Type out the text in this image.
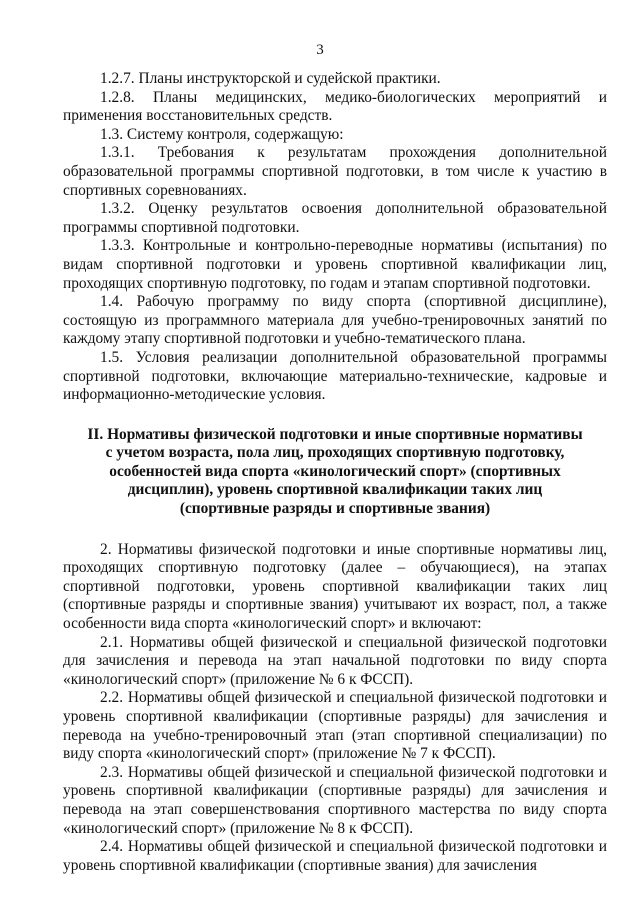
3

1.2.7. Планы инструкторской и судейской практики.

1.2.8. Планы медицинских, медико-биологических мероприятий и применения восстановительных средств.

1.3. Систему контроля, содержащую:

1.3.1. Требования к результатам прохождения дополнительной образовательной программы спортивной подготовки, в том числе к участию в спортивных соревнованиях.

1.3.2. Оценку результатов освоения дополнительной образовательной программы спортивной подготовки.

1.3.3. Контрольные и контрольно-переводные нормативы (испытания) по видам спортивной подготовки и уровень спортивной квалификации лиц, проходящих спортивную подготовку, по годам и этапам спортивной подготовки.

1.4. Рабочую программу по виду спорта (спортивной дисциплине), состоящую из программного материала для учебно-тренировочных занятий по каждому этапу спортивной подготовки и учебно-тематического плана.

1.5. Условия реализации дополнительной образовательной программы спортивной подготовки, включающие материально-технические, кадровые и информационно-методические условия.

II. Нормативы физической подготовки и иные спортивные нормативы с учетом возраста, пола лиц, проходящих спортивную подготовку, особенностей вида спорта «кинологический спорт» (спортивных дисциплин), уровень спортивной квалификации таких лиц (спортивные разряды и спортивные звания)

2. Нормативы физической подготовки и иные спортивные нормативы лиц, проходящих спортивную подготовку (далее – обучающиеся), на этапах спортивной подготовки, уровень спортивной квалификации таких лиц (спортивные разряды и спортивные звания) учитывают их возраст, пол, а также особенности вида спорта «кинологический спорт» и включают:

2.1. Нормативы общей физической и специальной физической подготовки для зачисления и перевода на этап начальной подготовки по виду спорта «кинологический спорт» (приложение № 6 к ФССП).

2.2. Нормативы общей физической и специальной физической подготовки и уровень спортивной квалификации (спортивные разряды) для зачисления и перевода на учебно-тренировочный этап (этап спортивной специализации) по виду спорта «кинологический спорт» (приложение № 7 к ФССП).

2.3. Нормативы общей физической и специальной физической подготовки и уровень спортивной квалификации (спортивные разряды) для зачисления и перевода на этап совершенствования спортивного мастерства по виду спорта «кинологический спорт» (приложение № 8 к ФССП).

2.4. Нормативы общей физической и специальной физической подготовки и уровень спортивной квалификации (спортивные звания) для зачисления
